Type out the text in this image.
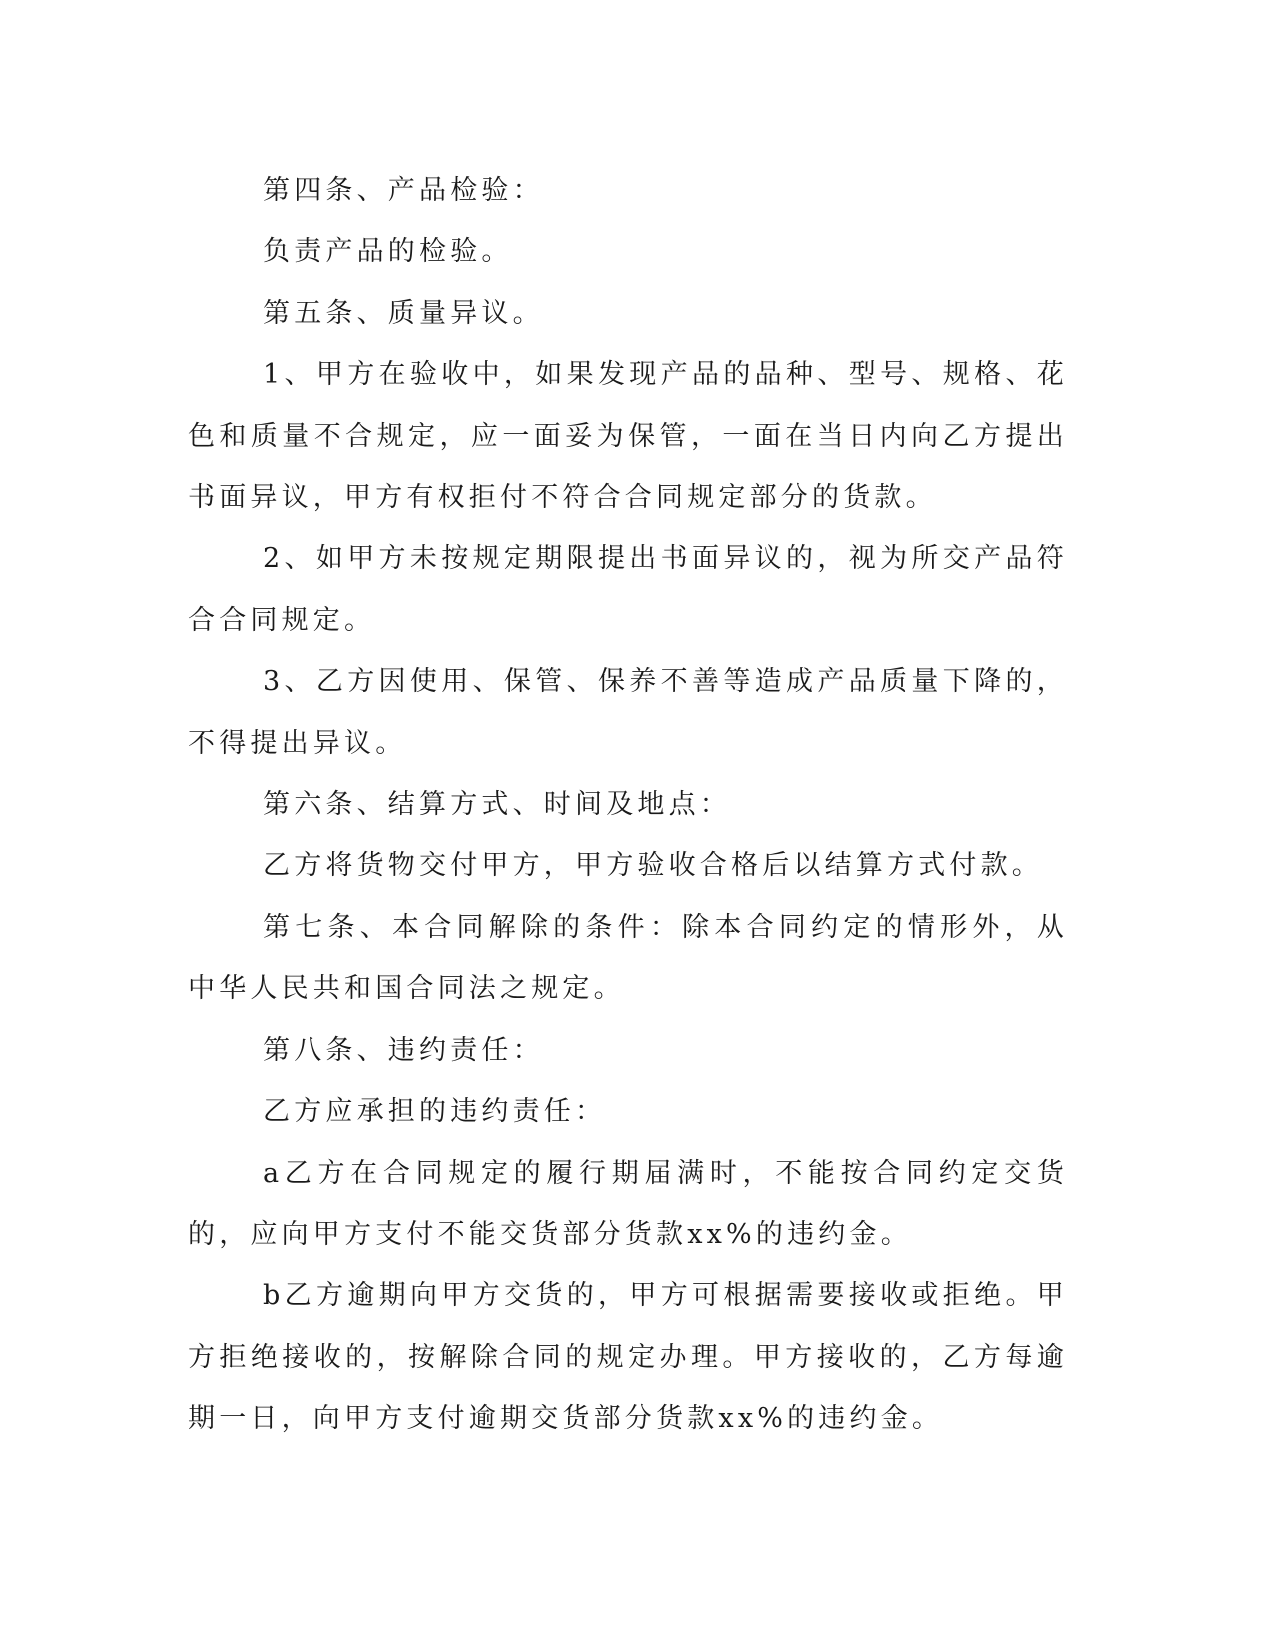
第四条、产品检验：

负责产品的检验。

第五条、质量异议。

1、甲方在验收中，如果发现产品的品种、型号、规格、花色和质量不合规定，应一面妥为保管，一面在当日内向乙方提出书面异议，甲方有权拒付不符合合同规定部分的货款。

2、如甲方未按规定期限提出书面异议的，视为所交产品符合合同规定。

3、乙方因使用、保管、保养不善等造成产品质量下降的，不得提出异议。

第六条、结算方式、时间及地点：

乙方将货物交付甲方，甲方验收合格后以结算方式付款。

第七条、本合同解除的条件：除本合同约定的情形外，从中华人民共和国合同法之规定。

第八条、违约责任：

乙方应承担的违约责任：

a乙方在合同规定的履行期届满时，不能按合同约定交货的，应向甲方支付不能交货部分货款xx%的违约金。

b乙方逾期向甲方交货的，甲方可根据需要接收或拒绝。甲方拒绝接收的，按解除合同的规定办理。甲方接收的，乙方每逾期一日，向甲方支付逾期交货部分货款xx%的违约金。
